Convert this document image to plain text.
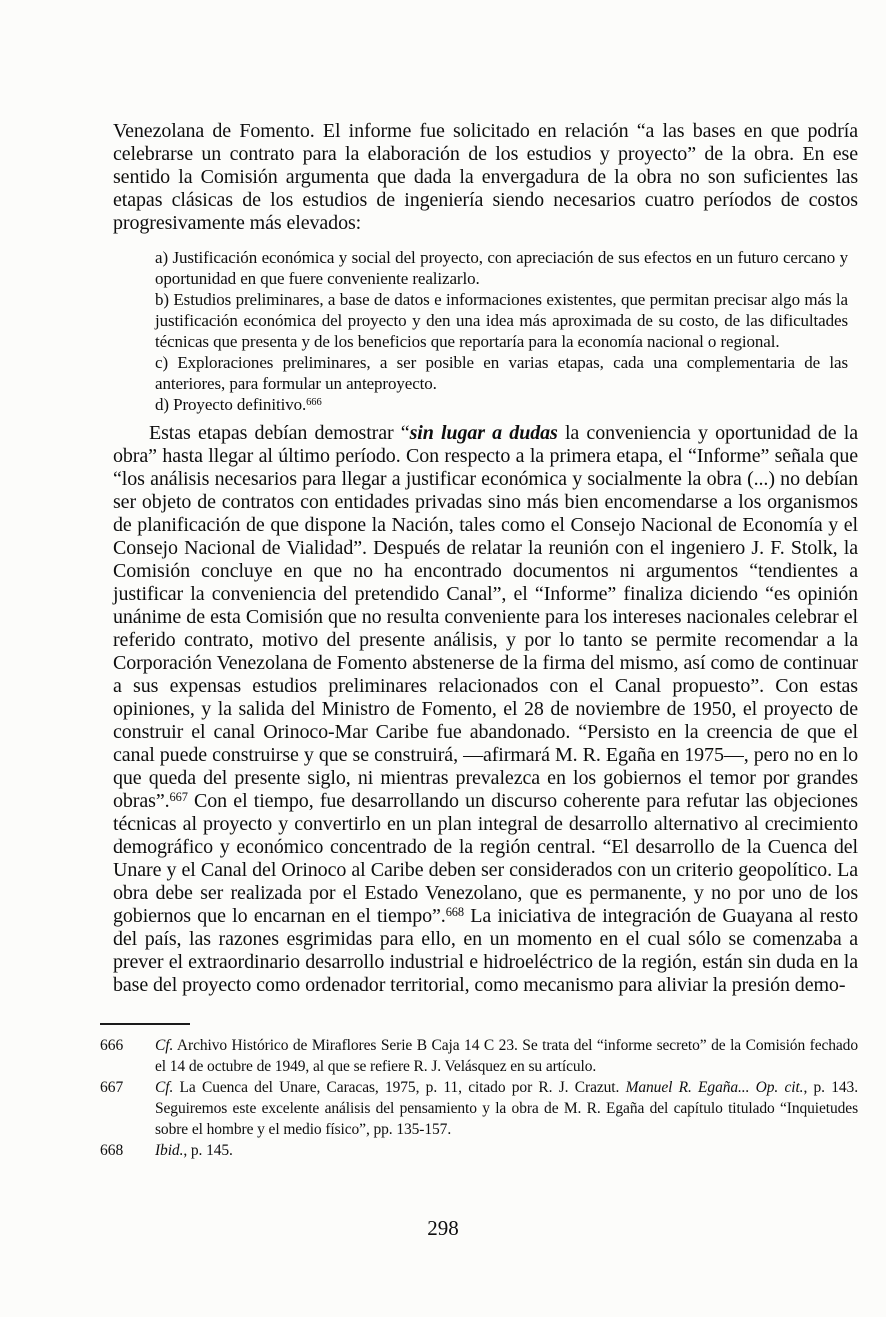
Venezolana de Fomento. El informe fue solicitado en relación “a las bases en que podría celebrarse un contrato para la elaboración de los estudios y proyecto” de la obra. En ese sentido la Comisión argumenta que dada la envergadura de la obra no son suficientes las etapas clásicas de los estudios de ingeniería siendo necesarios cuatro períodos de costos progresivamente más elevados:

a) Justificación económica y social del proyecto, con apreciación de sus efectos en un futuro cercano y oportunidad en que fuere conveniente realizarlo.

b) Estudios preliminares, a base de datos e informaciones existentes, que permitan precisar algo más la justificación económica del proyecto y den una idea más aproximada de su costo, de las dificultades técnicas que presenta y de los beneficios que reportaría para la economía nacional o regional.

c) Exploraciones preliminares, a ser posible en varias etapas, cada una complementaria de las anteriores, para formular un anteproyecto.

d) Proyecto definitivo.$^{666}$

Estas etapas debían demostrar “sin lugar a dudas la conveniencia y oportunidad de la obra” hasta llegar al último período. Con respecto a la primera etapa, el “Informe” señala que “los análisis necesarios para llegar a justificar económica y socialmente la obra (...) no debían ser objeto de contratos con entidades privadas sino más bien encomendarse a los organismos de planificación de que dispone la Nación, tales como el Consejo Nacional de Economía y el Consejo Nacional de Vialidad”. Después de relatar la reunión con el ingeniero J. F. Stolk, la Comisión concluye en que no ha encontrado documentos ni argumentos “tendientes a justificar la conveniencia del pretendido Canal”, el “Informe” finaliza diciendo “es opinión unánime de esta Comisión que no resulta conveniente para los intereses nacionales celebrar el referido contrato, motivo del presente análisis, y por lo tanto se permite recomendar a la Corporación Venezolana de Fomento abstenerse de la firma del mismo, así como de continuar a sus expensas estudios preliminares relacionados con el Canal propuesto”. Con estas opiniones, y la salida del Ministro de Fomento, el 28 de noviembre de 1950, el proyecto de construir el canal Orinoco-Mar Caribe fue abandonado. “Persisto en la creencia de que el canal puede construirse y que se construirá, —afirmará M. R. Egaña en 1975—, pero no en lo que queda del presente siglo, ni mientras prevalezca en los gobiernos el temor por grandes obras”.$^{667}$ Con el tiempo, fue desarrollando un discurso coherente para refutar las objeciones técnicas al proyecto y convertirlo en un plan integral de desarrollo alternativo al crecimiento demográfico y económico concentrado de la región central. “El desarrollo de la Cuenca del Unare y el Canal del Orinoco al Caribe deben ser considerados con un criterio geopolítico. La obra debe ser realizada por el Estado Venezolano, que es permanente, y no por uno de los gobiernos que lo encarnan en el tiempo”.$^{668}$ La iniciativa de integración de Guayana al resto del país, las razones esgrimidas para ello, en un momento en el cual sólo se comenzaba a prever el extraordinario desarrollo industrial e hidroeléctrico de la región, están sin duda en la base del proyecto como ordenador territorial, como mecanismo para aliviar la presión demo-

666	Cf. Archivo Histórico de Miraflores Serie B Caja 14 C 23. Se trata del “informe secreto” de la Comisión fechado el 14 de octubre de 1949, al que se refiere R. J. Velásquez en su artículo.
667	Cf. La Cuenca del Unare, Caracas, 1975, p. 11, citado por R. J. Crazut. Manuel R. Egaña... Op. cit., p. 143. Seguiremos este excelente análisis del pensamiento y la obra de M. R. Egaña del capítulo titulado “Inquietudes sobre el hombre y el medio físico”, pp. 135-157.
668	Ibid., p. 145.
298
